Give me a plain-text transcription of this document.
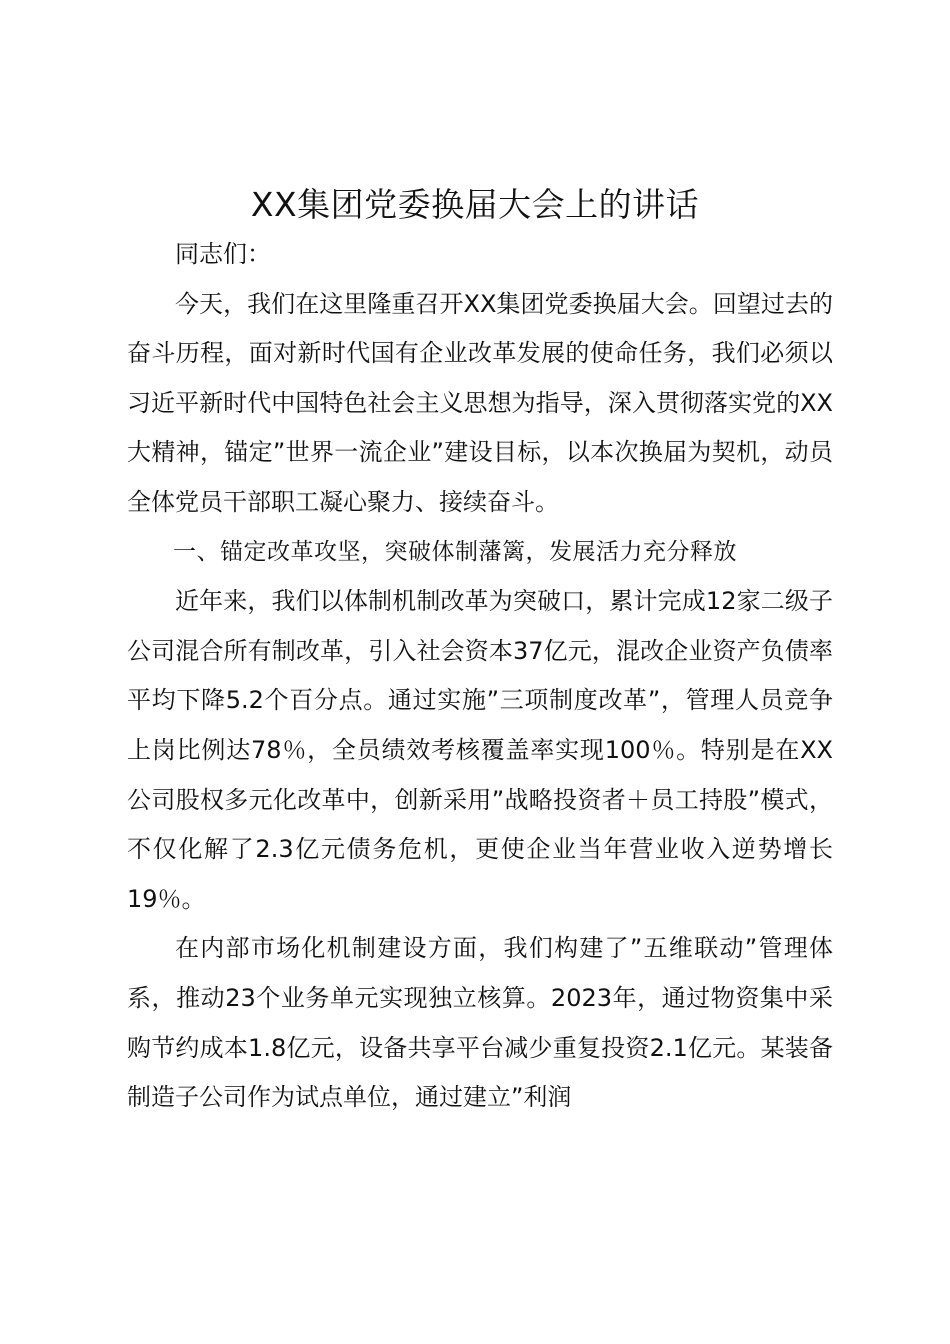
XX集团党委换届大会上的讲话

同志们：

今天，我们在这里隆重召开XX集团党委换届大会。回望过去的奋斗历程，面对新时代国有企业改革发展的使命任务，我们必须以习近平新时代中国特色社会主义思想为指导，深入贯彻落实党的XX大精神，锚定”世界一流企业”建设目标，以本次换届为契机，动员全体党员干部职工凝心聚力、接续奋斗。

一、锚定改革攻坚，突破体制藩篱，发展活力充分释放

近年来，我们以体制机制改革为突破口，累计完成12家二级子公司混合所有制改革，引入社会资本37亿元，混改企业资产负债率平均下降5.2个百分点。通过实施”三项制度改革”，管理人员竞争上岗比例达78％，全员绩效考核覆盖率实现100％。特别是在XX公司股权多元化改革中，创新采用”战略投资者＋员工持股”模式，不仅化解了2.3亿元债务危机，更使企业当年营业收入逆势增长19％。

在内部市场化机制建设方面，我们构建了”五维联动”管理体系，推动23个业务单元实现独立核算。2023年，通过物资集中采购节约成本1.8亿元，设备共享平台减少重复投资2.1亿元。某装备制造子公司作为试点单位，通过建立”利润
